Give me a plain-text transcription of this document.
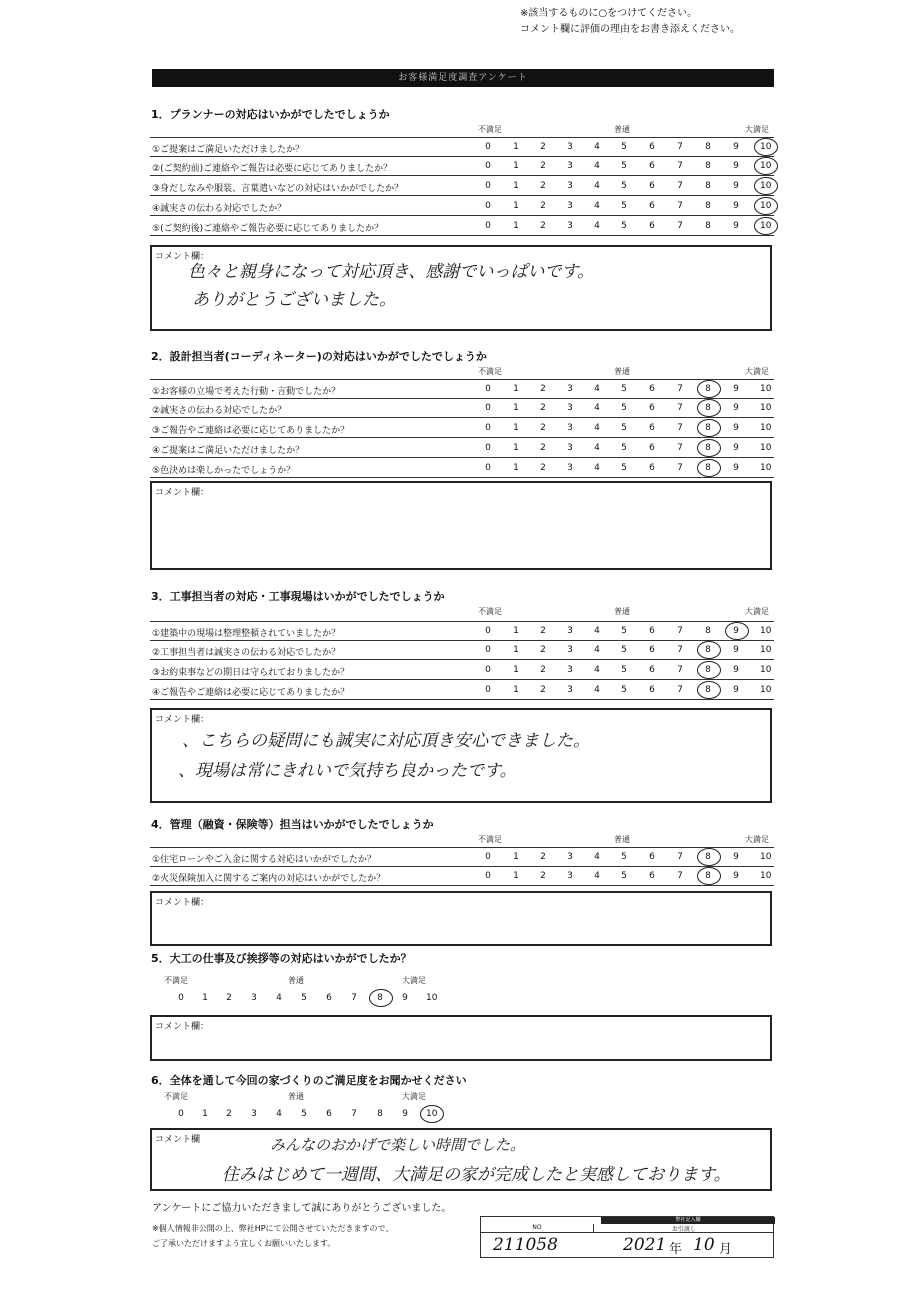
※該当するものに○をつけてください。
コメント欄に評価の理由をお書き添えください。
お客様満足度調査アンケート
1．プランナーの対応はいかがでしたでしょうか
不満足	普通	大満足
①ご提案はご満足いただけましたか？	0 1 2 3 4 5 6 7 8 9 10
②(ご契約前)ご連絡やご報告は必要に応じてありましたか？	0 1 2 3 4 5 6 7 8 9 10
③身だしなみや服装、言葉遣いなどの対応はいかがでしたか？	0 1 2 3 4 5 6 7 8 9 10
④誠実さの伝わる対応でしたか？	0 1 2 3 4 5 6 7 8 9 10
⑤(ご契約後)ご連絡やご報告必要に応じてありましたか？	0 1 2 3 4 5 6 7 8 9 10
コメント欄：
色々と親身になって対応頂き、感謝でいっぱいです。
ありがとうございました。
2．設計担当者(コーディネーター)の対応はいかがでしたでしょうか
不満足	普通	大満足
①お客様の立場で考えた行動・言動でしたか？	0 1 2 3 4 5 6 7 8 9 10
②誠実さの伝わる対応でしたか？	0 1 2 3 4 5 6 7 8 9 10
③ご報告やご連絡は必要に応じてありましたか？	0 1 2 3 4 5 6 7 8 9 10
④ご提案はご満足いただけましたか？	0 1 2 3 4 5 6 7 8 9 10
⑤色決めは楽しかったでしょうか？	0 1 2 3 4 5 6 7 8 9 10
コメント欄：
3．工事担当者の対応・工事現場はいかがでしたでしょうか
不満足	普通	大満足
①建築中の現場は整理整頓されていましたか？	0 1 2 3 4 5 6 7 8 9 10
②工事担当者は誠実さの伝わる対応でしたか？	0 1 2 3 4 5 6 7 8 9 10
③お約束事などの期日は守られておりましたか？	0 1 2 3 4 5 6 7 8 9 10
④ご報告やご連絡は必要に応じてありましたか？	0 1 2 3 4 5 6 7 8 9 10
コメント欄：
、こちらの疑問にも誠実に対応頂き安心できました。
、現場は常にきれいで気持ち良かったです。
4．管理（融資・保険等）担当はいかがでしたでしょうか
不満足	普通	大満足
①住宅ローンやご入金に関する対応はいかがでしたか？	0 1 2 3 4 5 6 7 8 9 10
②火災保険加入に関するご案内の対応はいかがでしたか？	0 1 2 3 4 5 6 7 8 9 10
コメント欄：
5．大工の仕事及び挨拶等の対応はいかがでしたか？
不満足	普通	大満足
0 1 2 3 4 5 6 7 8 9 10
コメント欄：
6．全体を通して今回の家づくりのご満足度をお聞かせください
不満足	普通	大満足
0 1 2 3 4 5 6 7 8 9 10
コメント欄	みんなのおかげで楽しい時間でした。
住みはじめて一週間、大満足の家が完成したと実感しております。
アンケートにご協力いただきまして誠にありがとうございました。
※個人情報非公開の上、弊社HPにて公開させていただきますので、
ご了承いただけますよう宜しくお願いいたします。
弊社記入欄
NO	お引渡し
211058	2021 年 10 月
